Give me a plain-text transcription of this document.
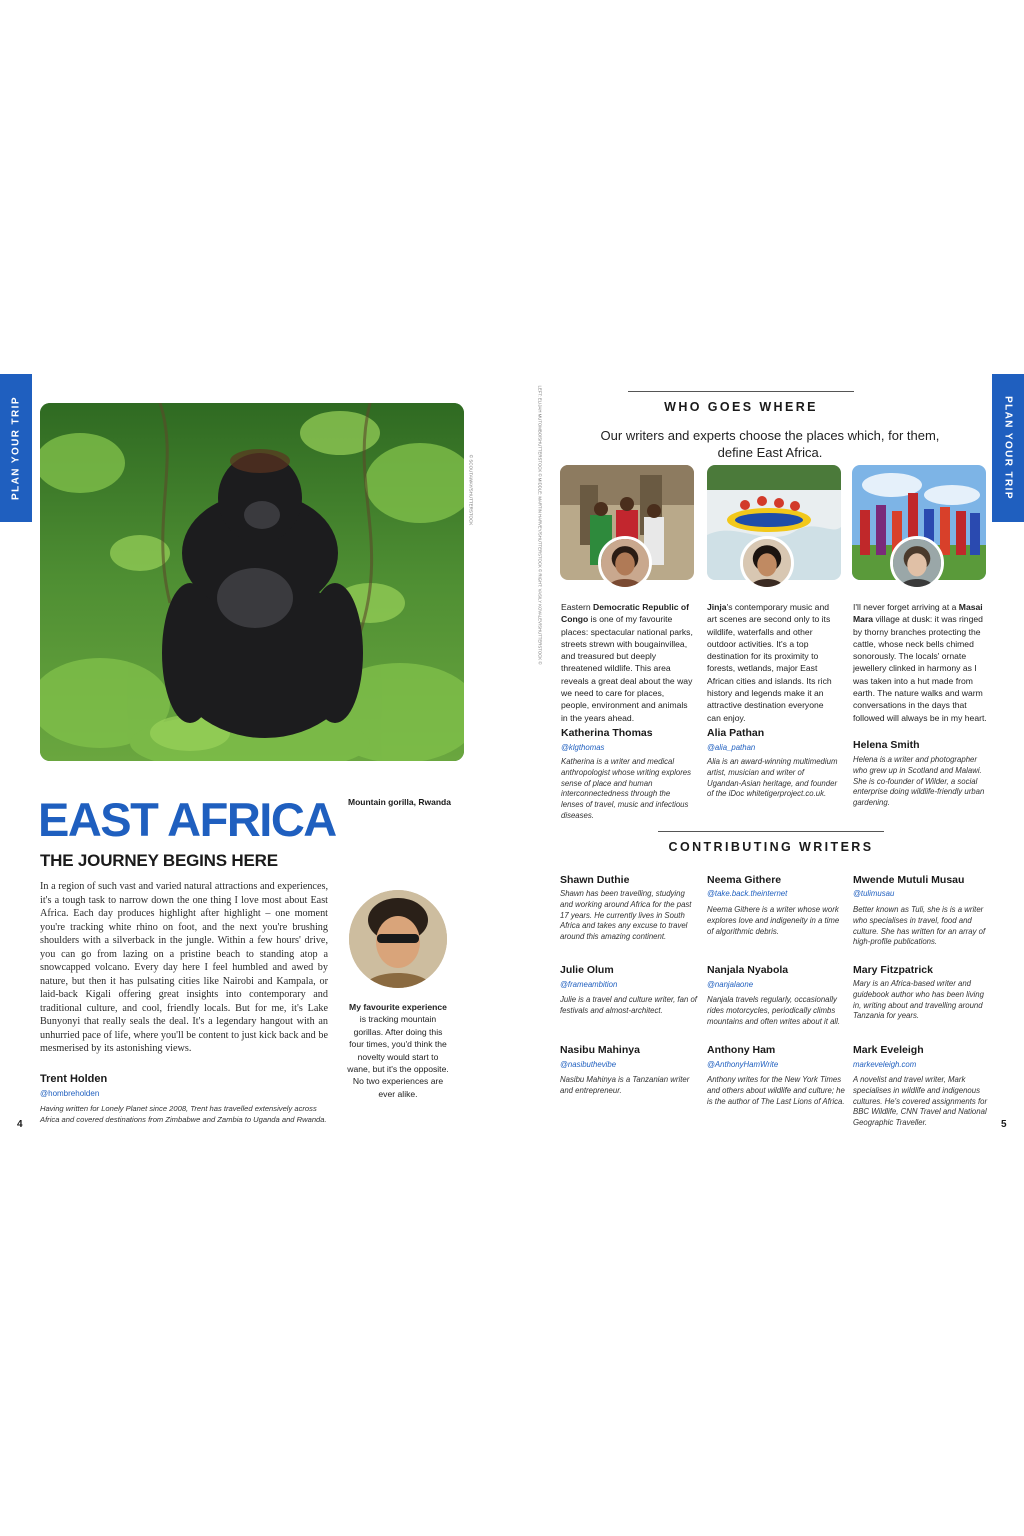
PLAN YOUR TRIP	PLAN YOUR TRIP
© SCOUTAWAY/SHUTTERSTOCK
Mountain gorilla, Rwanda
EAST AFRICA
THE JOURNEY BEGINS HERE
In a region of such vast and varied natural attractions and experiences, it's a tough task to narrow down the one thing I love most about East Africa. Each day produces highlight after highlight – one moment you're tracking white rhino on foot, and the next you're brushing shoulders with a silverback in the jungle. Within a few hours' drive, you can go from lazing on a pristine beach to standing atop a snowcapped volcano. Every day here I feel humbled and awed by nature, but then it has pulsating cities like Nairobi and Kampala, or laid-back Kigali offering great insights into contemporary and traditional culture, and cool, friendly locals. But for me, it's Lake Bunyonyi that really seals the deal. It's a legendary hangout with an unhurried pace of life, where you'll be content to just kick back and be mesmerised by its astonishing views.
Trent Holden
@hombreholden
Having written for Lonely Planet since 2008, Trent has travelled extensively across Africa and covered destinations from Zimbabwe and Zambia to Uganda and Rwanda.
My favourite experience is tracking mountain gorillas. After doing this four times, you'd think the novelty would start to wane, but it's the opposite. No two experiences are ever alike.
4	5
WHO GOES WHERE
Our writers and experts choose the places which, for them, define East Africa.
LEFT: ELIJAH MUTOMBO/SHUTTERSTOCK © MIDDLE: MARTIN HARVEY/SHUTTERSTOCK © RIGHT: VASILY KOVALEV/SHUTTERSTOCK © Eastern Democratic Republic of Congo is one of my favourite places: spectacular national parks, streets strewn with bougainvillea, and treasured but deeply threatened wildlife. This area reveals a great deal about the way we need to care for places, people, environment and animals in the years ahead.
Katherina Thomas
@klgthomas
Katherina is a writer and medical anthropologist whose writing explores sense of place and human interconnectedness through the lenses of travel, music and infectious diseases.
Jinja's contemporary music and art scenes are second only to its wildlife, waterfalls and other outdoor activities. It's a top destination for its proximity to forests, wetlands, major East African cities and islands. Its rich history and legends make it an attractive destination everyone can enjoy.
Alia Pathan
@alia_pathan
Alia is an award-winning multimedium artist, musician and writer of Ugandan-Asian heritage, and founder of the iDoc whitetigerproject.co.uk.
I'll never forget arriving at a Masai Mara village at dusk: it was ringed by thorny branches protecting the cattle, whose neck bells chimed sonorously. The locals' ornate jewellery clinked in harmony as I was taken into a hut made from earth. The nature walks and warm conversations in the days that followed will always be in my heart.
Helena Smith
Helena is a writer and photographer who grew up in Scotland and Malawi. She is co-founder of Wilder, a social enterprise doing wildlife-friendly urban gardening.
CONTRIBUTING WRITERS
Shawn Duthie
Shawn has been travelling, studying and working around Africa for the past 17 years. He currently lives in South Africa and takes any excuse to travel around this amazing continent.
Neema Githere
@take.back.theinternet
Neema Githere is a writer whose work explores love and indigeneity in a time of algorithmic debris.
Mwende Mutuli Musau
@tulimusau
Better known as Tuli, she is is a writer who specialises in travel, food and culture. She has written for an array of high-profile publications.
Julie Olum
@frameambition
Julie is a travel and culture writer, fan of festivals and almost-architect.
Nanjala Nyabola
@nanjalaone
Nanjala travels regularly, occasionally rides motorcycles, periodically climbs mountains and often writes about it all.
Mary Fitzpatrick
Mary is an Africa-based writer and guidebook author who has been living in, writing about and travelling around Tanzania for years.
Nasibu Mahinya
@nasibuthevibe
Nasibu Mahinya is a Tanzanian writer and entrepreneur.
Anthony Ham
@AnthonyHamWrite
Anthony writes for the New York Times and others about wildlife and culture; he is the author of The Last Lions of Africa.
Mark Eveleigh
markeveleigh.com
A novelist and travel writer, Mark specialises in wildlife and indigenous cultures. He's covered assignments for BBC Wildlife, CNN Travel and National Geographic Traveller.
